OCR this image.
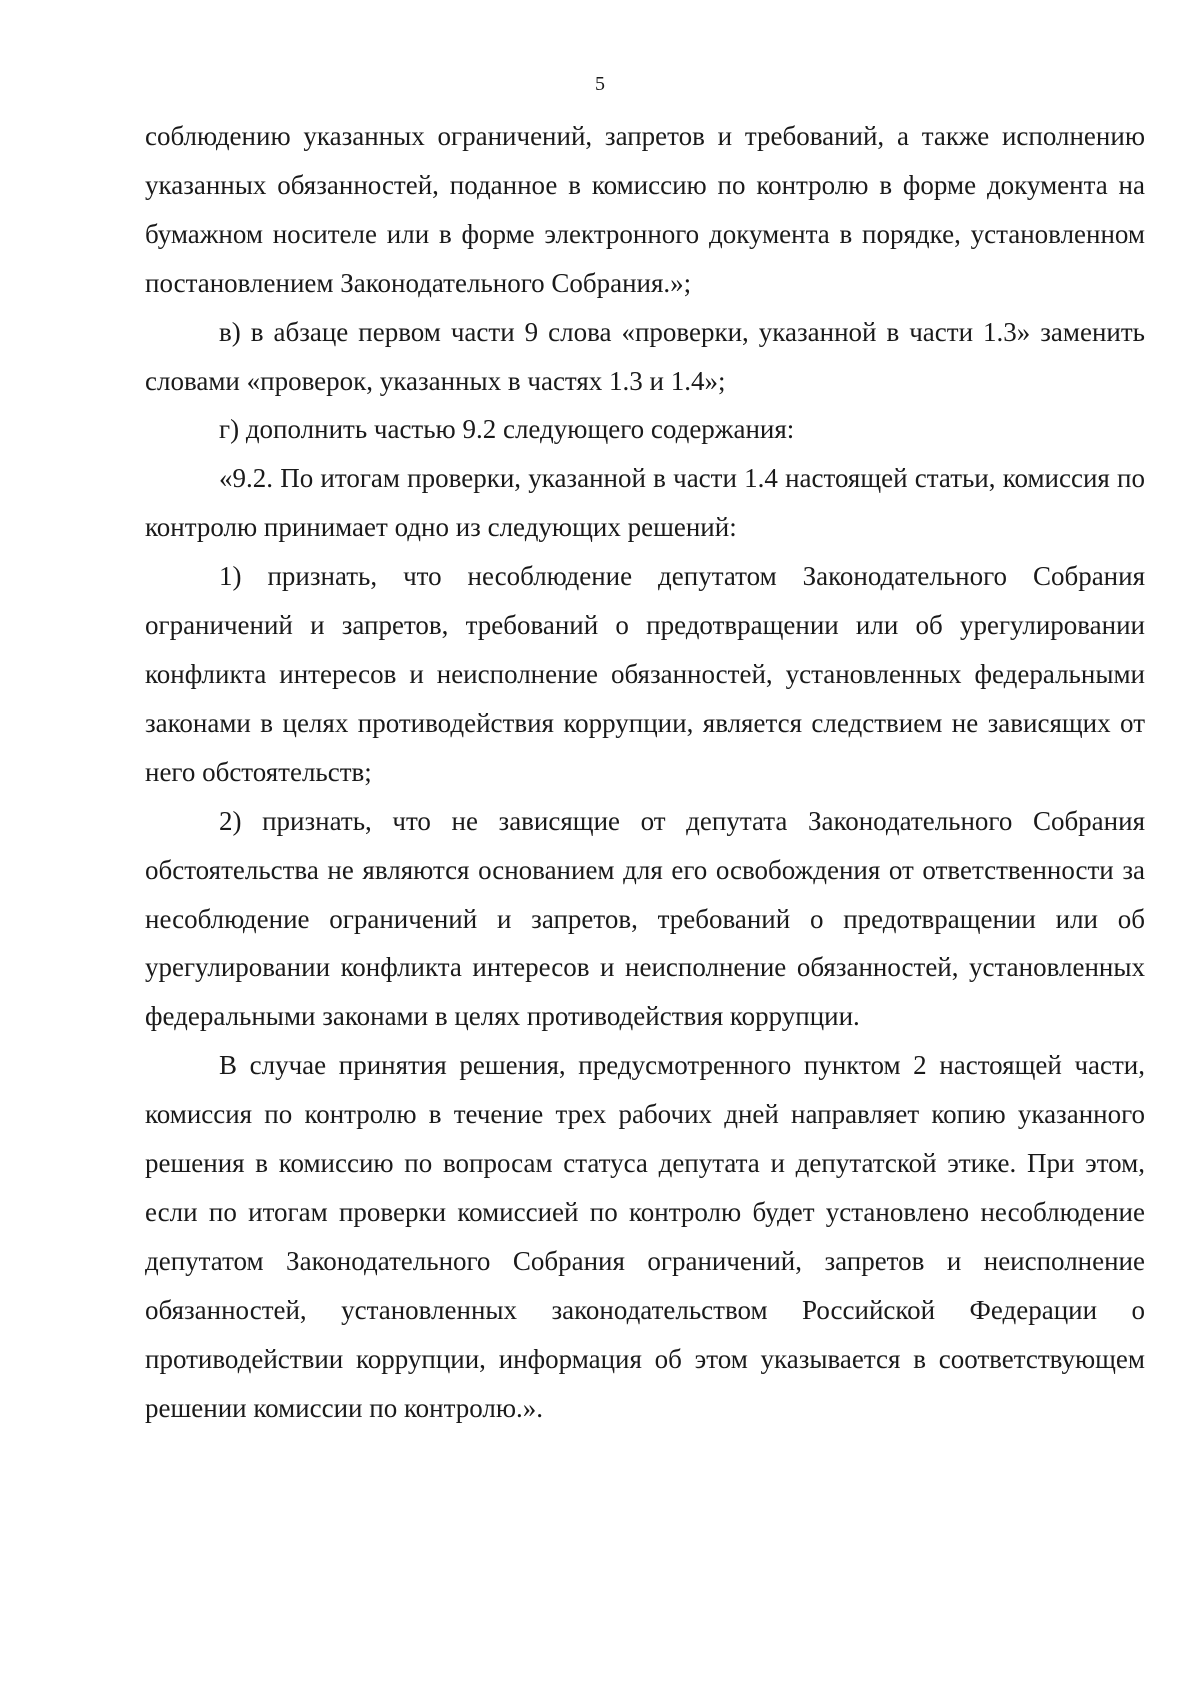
5

соблюдению указанных ограничений, запретов и требований, а также исполнению указанных обязанностей, поданное в комиссию по контролю в форме документа на бумажном носителе или в форме электронного документа в порядке, установленном постановлением Законодательного Собрания.»;

в) в абзаце первом части 9 слова «проверки, указанной в части 1.3» заменить словами «проверок, указанных в частях 1.3 и 1.4»;

г) дополнить частью 9.2 следующего содержания:

«9.2. По итогам проверки, указанной в части 1.4 настоящей статьи, комиссия по контролю принимает одно из следующих решений:

1) признать, что несоблюдение депутатом Законодательного Собрания ограничений и запретов, требований о предотвращении или об урегулировании конфликта интересов и неисполнение обязанностей, установленных федеральными законами в целях противодействия коррупции, является следствием не зависящих от него обстоятельств;

2) признать, что не зависящие от депутата Законодательного Собрания обстоятельства не являются основанием для его освобождения от ответственности за несоблюдение ограничений и запретов, требований о предотвращении или об урегулировании конфликта интересов и неисполнение обязанностей, установленных федеральными законами в целях противодействия коррупции.

В случае принятия решения, предусмотренного пунктом 2 настоящей части, комиссия по контролю в течение трех рабочих дней направляет копию указанного решения в комиссию по вопросам статуса депутата и депутатской этике. При этом, если по итогам проверки комиссией по контролю будет установлено несоблюдение депутатом Законодательного Собрания ограничений, запретов и неисполнение обязанностей, установленных законодательством Российской Федерации о противодействии коррупции, информация об этом указывается в соответствующем решении комиссии по контролю.».
